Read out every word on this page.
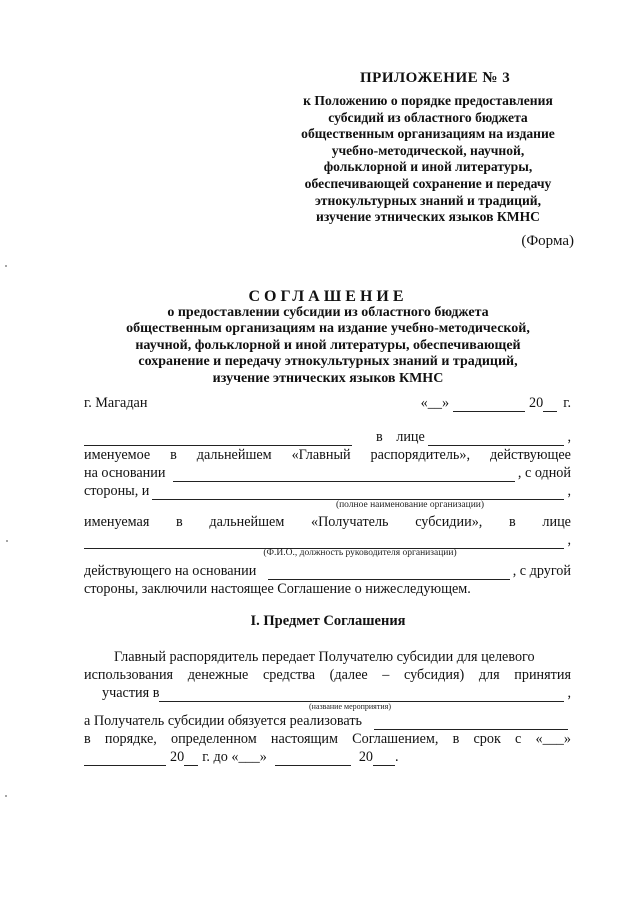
ПРИЛОЖЕНИЕ № 3
к Положению о порядке предоставления
субсидий из областного бюджета
общественным организациям на издание
учебно-методической, научной,
фольклорной и иной литературы,
обеспечивающей сохранение и передачу
этнокультурных знаний и традиций,
изучение этнических языков КМНС
(Форма)
СОГЛАШЕНИЕ
о предоставлении субсидии из областного бюджета
общественным организациям на издание учебно-методической,
научной, фольклорной и иной литературы, обеспечивающей
сохранение и передачу этнокультурных знаний и традиций,
изучение этнических языков КМНС
г. Магадан	«__»	20 г.
в лице	,
именуемое в дальнейшем «Главный распорядитель», действующее
на основании	, с одной
стороны, и	,
(полное наименование организации)
именуемая в дальнейшем «Получатель субсидии», в лице
,
(Ф.И.О., должность руководителя организации)
действующего на основании	, с другой
стороны, заключили настоящее Соглашение о нижеследующем.
I. Предмет Соглашения
Главный распорядитель передает Получателю субсидии для целевого
использования денежные средства (далее – субсидия) для принятия
участия в	,
(название мероприятия)
а Получатель субсидии обязуется реализовать
в порядке, определенном настоящим Соглашением, в срок с «___»
20 г. до «___»	20 .
